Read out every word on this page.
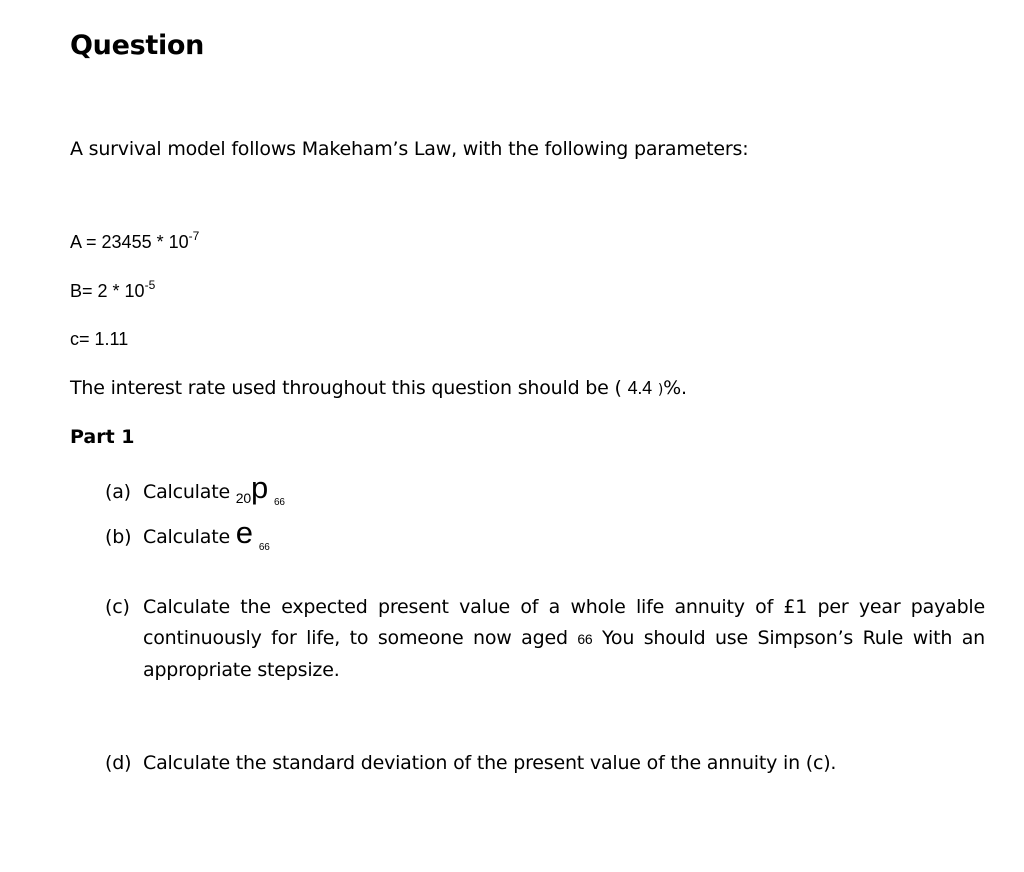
Question
A survival model follows Makeham’s Law, with the following parameters:
$A = 23455 * 10^{-7}$
$B= 2 * 10^{-5}$
c= 1.11
The interest rate used throughout this question should be ( 4.4 )%.
Part 1
(a) Calculate $_{20}$p $_{66}$
(b) Calculate e $_{66}$
(c) Calculate the expected present value of a whole life annuity of £1 per year payable continuously for life, to someone now aged 66 You should use Simpson’s Rule with an appropriate stepsize.
(d) Calculate the standard deviation of the present value of the annuity in (c).
